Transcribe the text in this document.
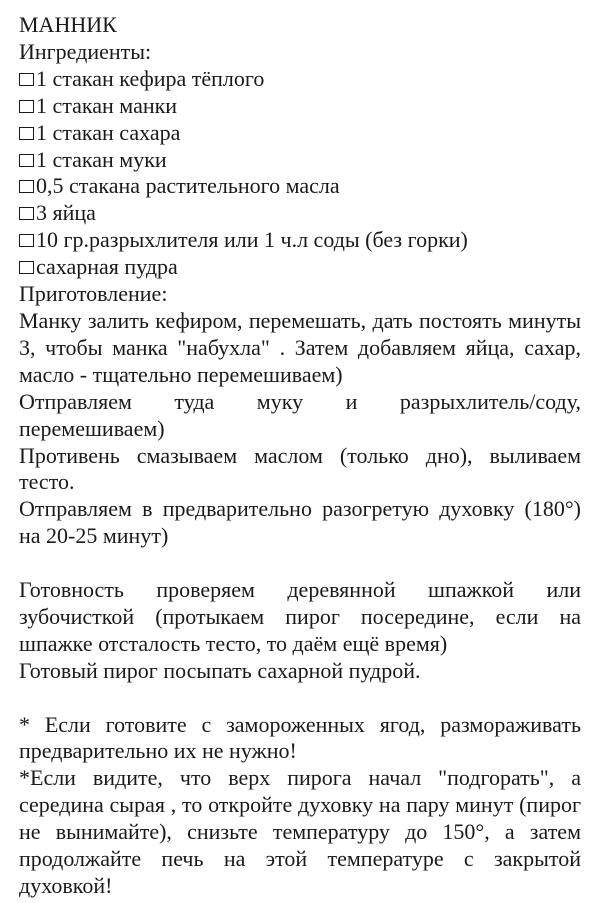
МАННИК
Ингредиенты:
1 стакан кефира тёплого
1 стакан манки
1 стакан сахара
1 стакан муки
0,5 стакана растительного масла
3 яйца
10 гр.разрыхлителя или 1 ч.л соды (без горки)
сахарная пудра
Приготовление:

Манку залить кефиром, перемешать, дать постоять минуты 3, чтобы манка "набухла" . Затем добавляем яйца, сахар, масло - тщательно перемешиваем)

Отправляем туда муку и разрыхлитель/соду, перемешиваем)

Противень смазываем маслом (только дно), выливаем тесто.

Отправляем в предварительно разогретую духовку (180°) на 20-25 минут)

Готовность проверяем деревянной шпажкой или зубочисткой (протыкаем пирог посередине, если на шпажке отсталость тесто, то даём ещё время)

Готовый пирог посыпать сахарной пудрой.

* Если готовите с замороженных ягод, размораживать предварительно их не нужно!

*Если видите, что верх пирога начал "подгорать", а середина сырая , то откройте духовку на пару минут (пирог не вынимайте), снизьте температуру до 150°, а затем продолжайте печь на этой температуре с закрытой духовкой!
